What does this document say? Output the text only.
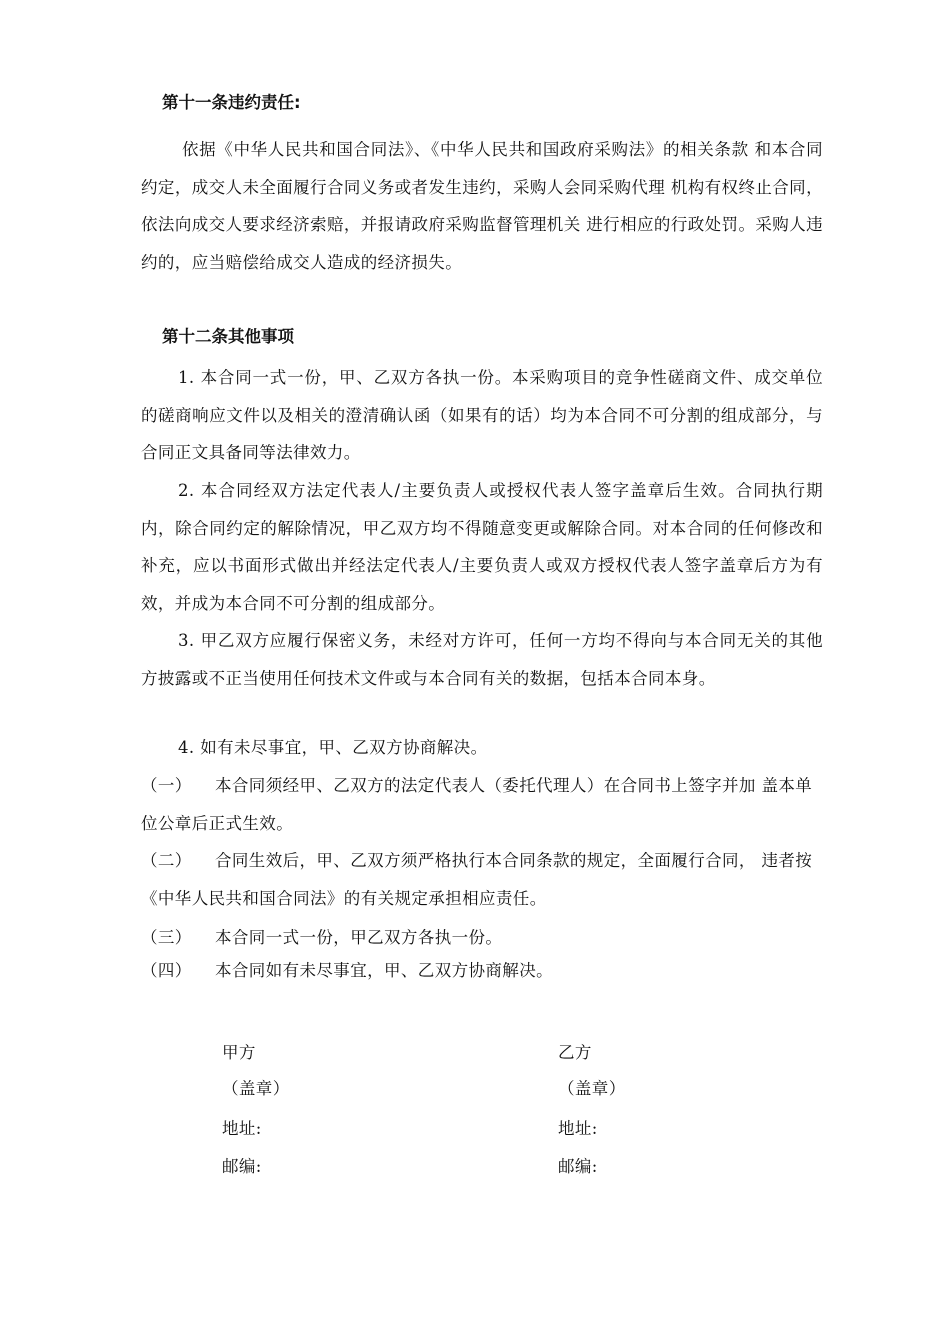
第十一条违约责任:
依据《中华人民共和国合同法》、《中华人民共和国政府采购法》的相关条款 和本合同约定，成交人未全面履行合同义务或者发生违约，采购人会同采购代理 机构有权终止合同，依法向成交人要求经济索赔，并报请政府采购监督管理机关 进行相应的行政处罚。采购人违约的，应当赔偿给成交人造成的经济损失。
第十二条其他事项
1. 本合同一式一份，甲、乙双方各执一份。本采购项目的竞争性磋商文件、成交单位的磋商响应文件以及相关的澄清确认函（如果有的话）均为本合同不可分割的组成部分，与合同正文具备同等法律效力。
2. 本合同经双方法定代表人/主要负责人或授权代表人签字盖章后生效。合同执行期内，除合同约定的解除情况，甲乙双方均不得随意变更或解除合同。对本合同的任何修改和补充，应以书面形式做出并经法定代表人/主要负责人或双方授权代表人签字盖章后方为有效，并成为本合同不可分割的组成部分。
3. 甲乙双方应履行保密义务，未经对方许可，任何一方均不得向与本合同无关的其他方披露或不正当使用任何技术文件或与本合同有关的数据，包括本合同本身。
4. 如有未尽事宜，甲、乙双方协商解决。
（一） 本合同须经甲、乙双方的法定代表人（委托代理人）在合同书上签字并加 盖本单位公章后正式生效。
（二） 合同生效后，甲、乙双方须严格执行本合同条款的规定，全面履行合同， 违者按《中华人民共和国合同法》的有关规定承担相应责任。
（三） 本合同一式一份，甲乙双方各执一份。
（四） 本合同如有未尽事宜，甲、乙双方协商解决。
甲方
（盖章）
地址:
邮编:
乙方
（盖章）
地址:
邮编:
